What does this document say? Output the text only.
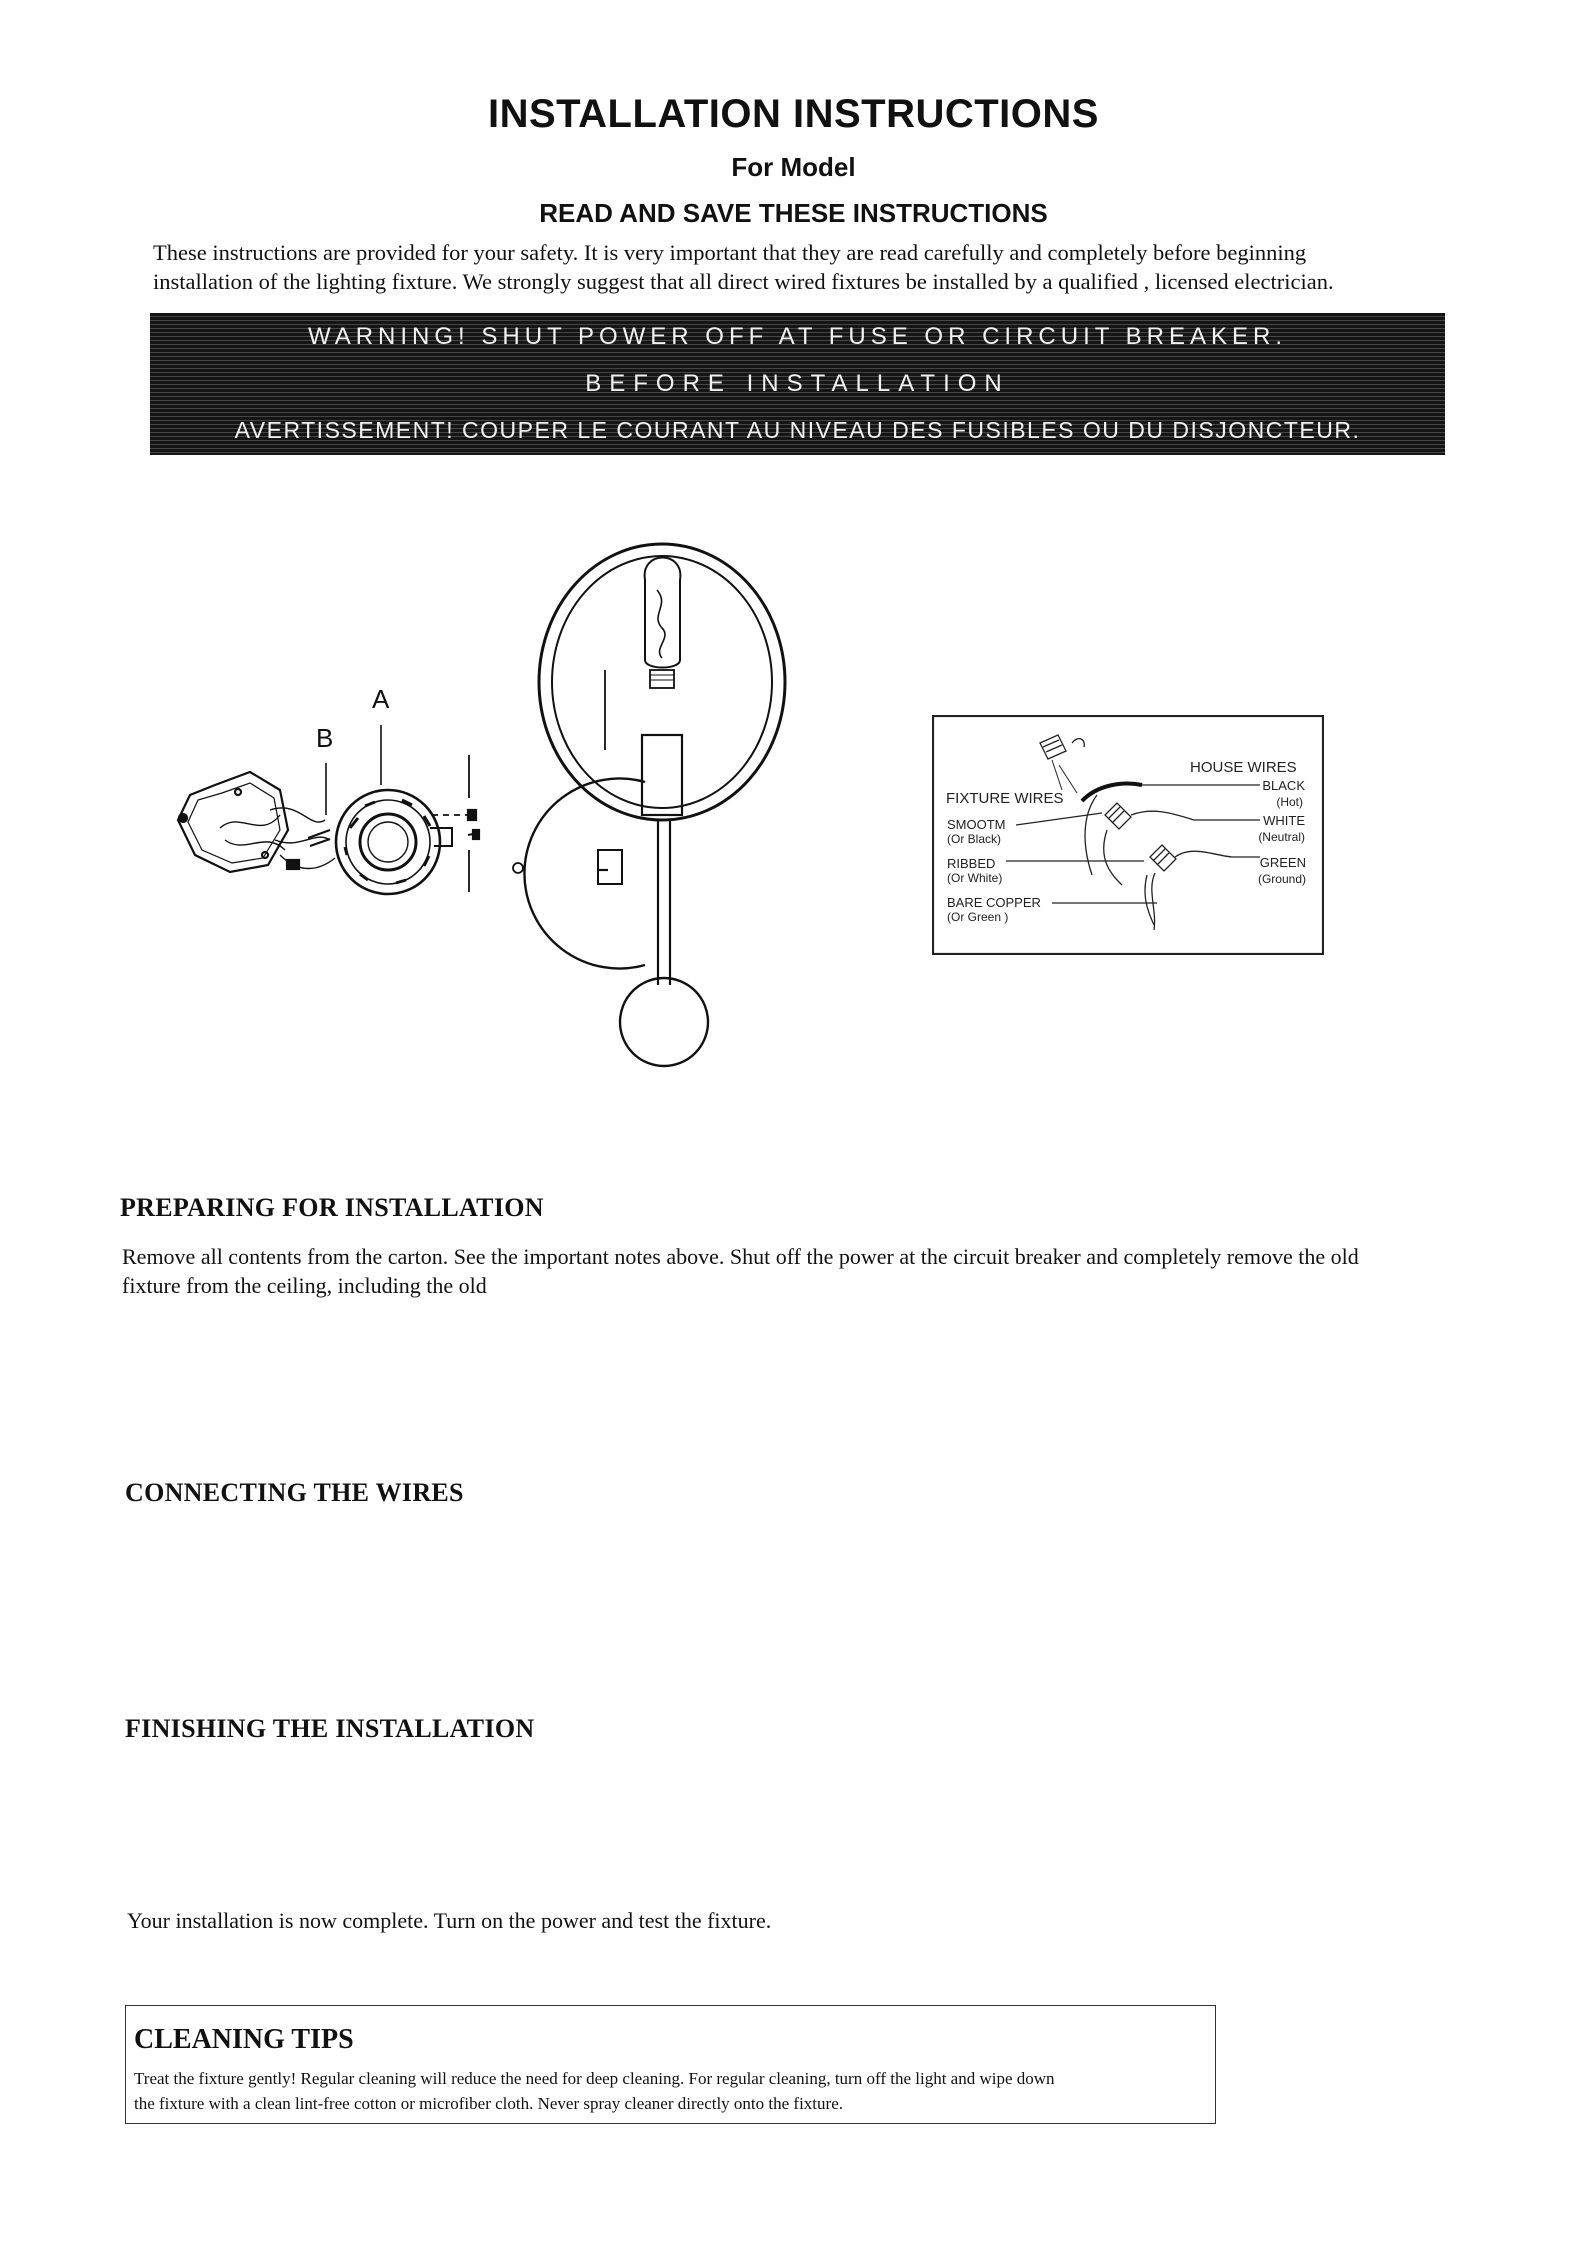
INSTALLATION INSTRUCTIONS
For Model
READ AND SAVE THESE INSTRUCTIONS

These instructions are provided for your safety. It is very important that they are read carefully and completely before beginning

installation of the lighting fixture. We strongly suggest that all direct wired fixtures be installed by a qualified , licensed electrician.

WARNING! SHUT POWER OFF AT FUSE OR CIRCUIT BREAKER.
BEFORE INSTALLATION
AVERTISSEMENT! COUPER LE COURANT AU NIVEAU DES FUSIBLES OU DU DISJONCTEUR.
A
B
FIXTURE WIRES
HOUSE WIRES
SMOOTM
(Or Black)
RIBBED
(Or White)
BARE COPPER
(Or Green )
BLACK
(Hot)
WHITE
(Neutral)
GREEN
(Ground)
PREPARING FOR INSTALLATION

Remove all contents from the carton. See the important notes above. Shut off the power at the circuit breaker and completely remove the old

fixture from the ceiling, including the old

CONNECTING THE WIRES
FINISHING THE INSTALLATION

Your installation is now complete. Turn on the power and test the fixture.

CLEANING TIPS

Treat the fixture gently! Regular cleaning will reduce the need for deep cleaning. For regular cleaning, turn off the light and wipe down

the fixture with a clean lint-free cotton or microfiber cloth. Never spray cleaner directly onto the fixture.
